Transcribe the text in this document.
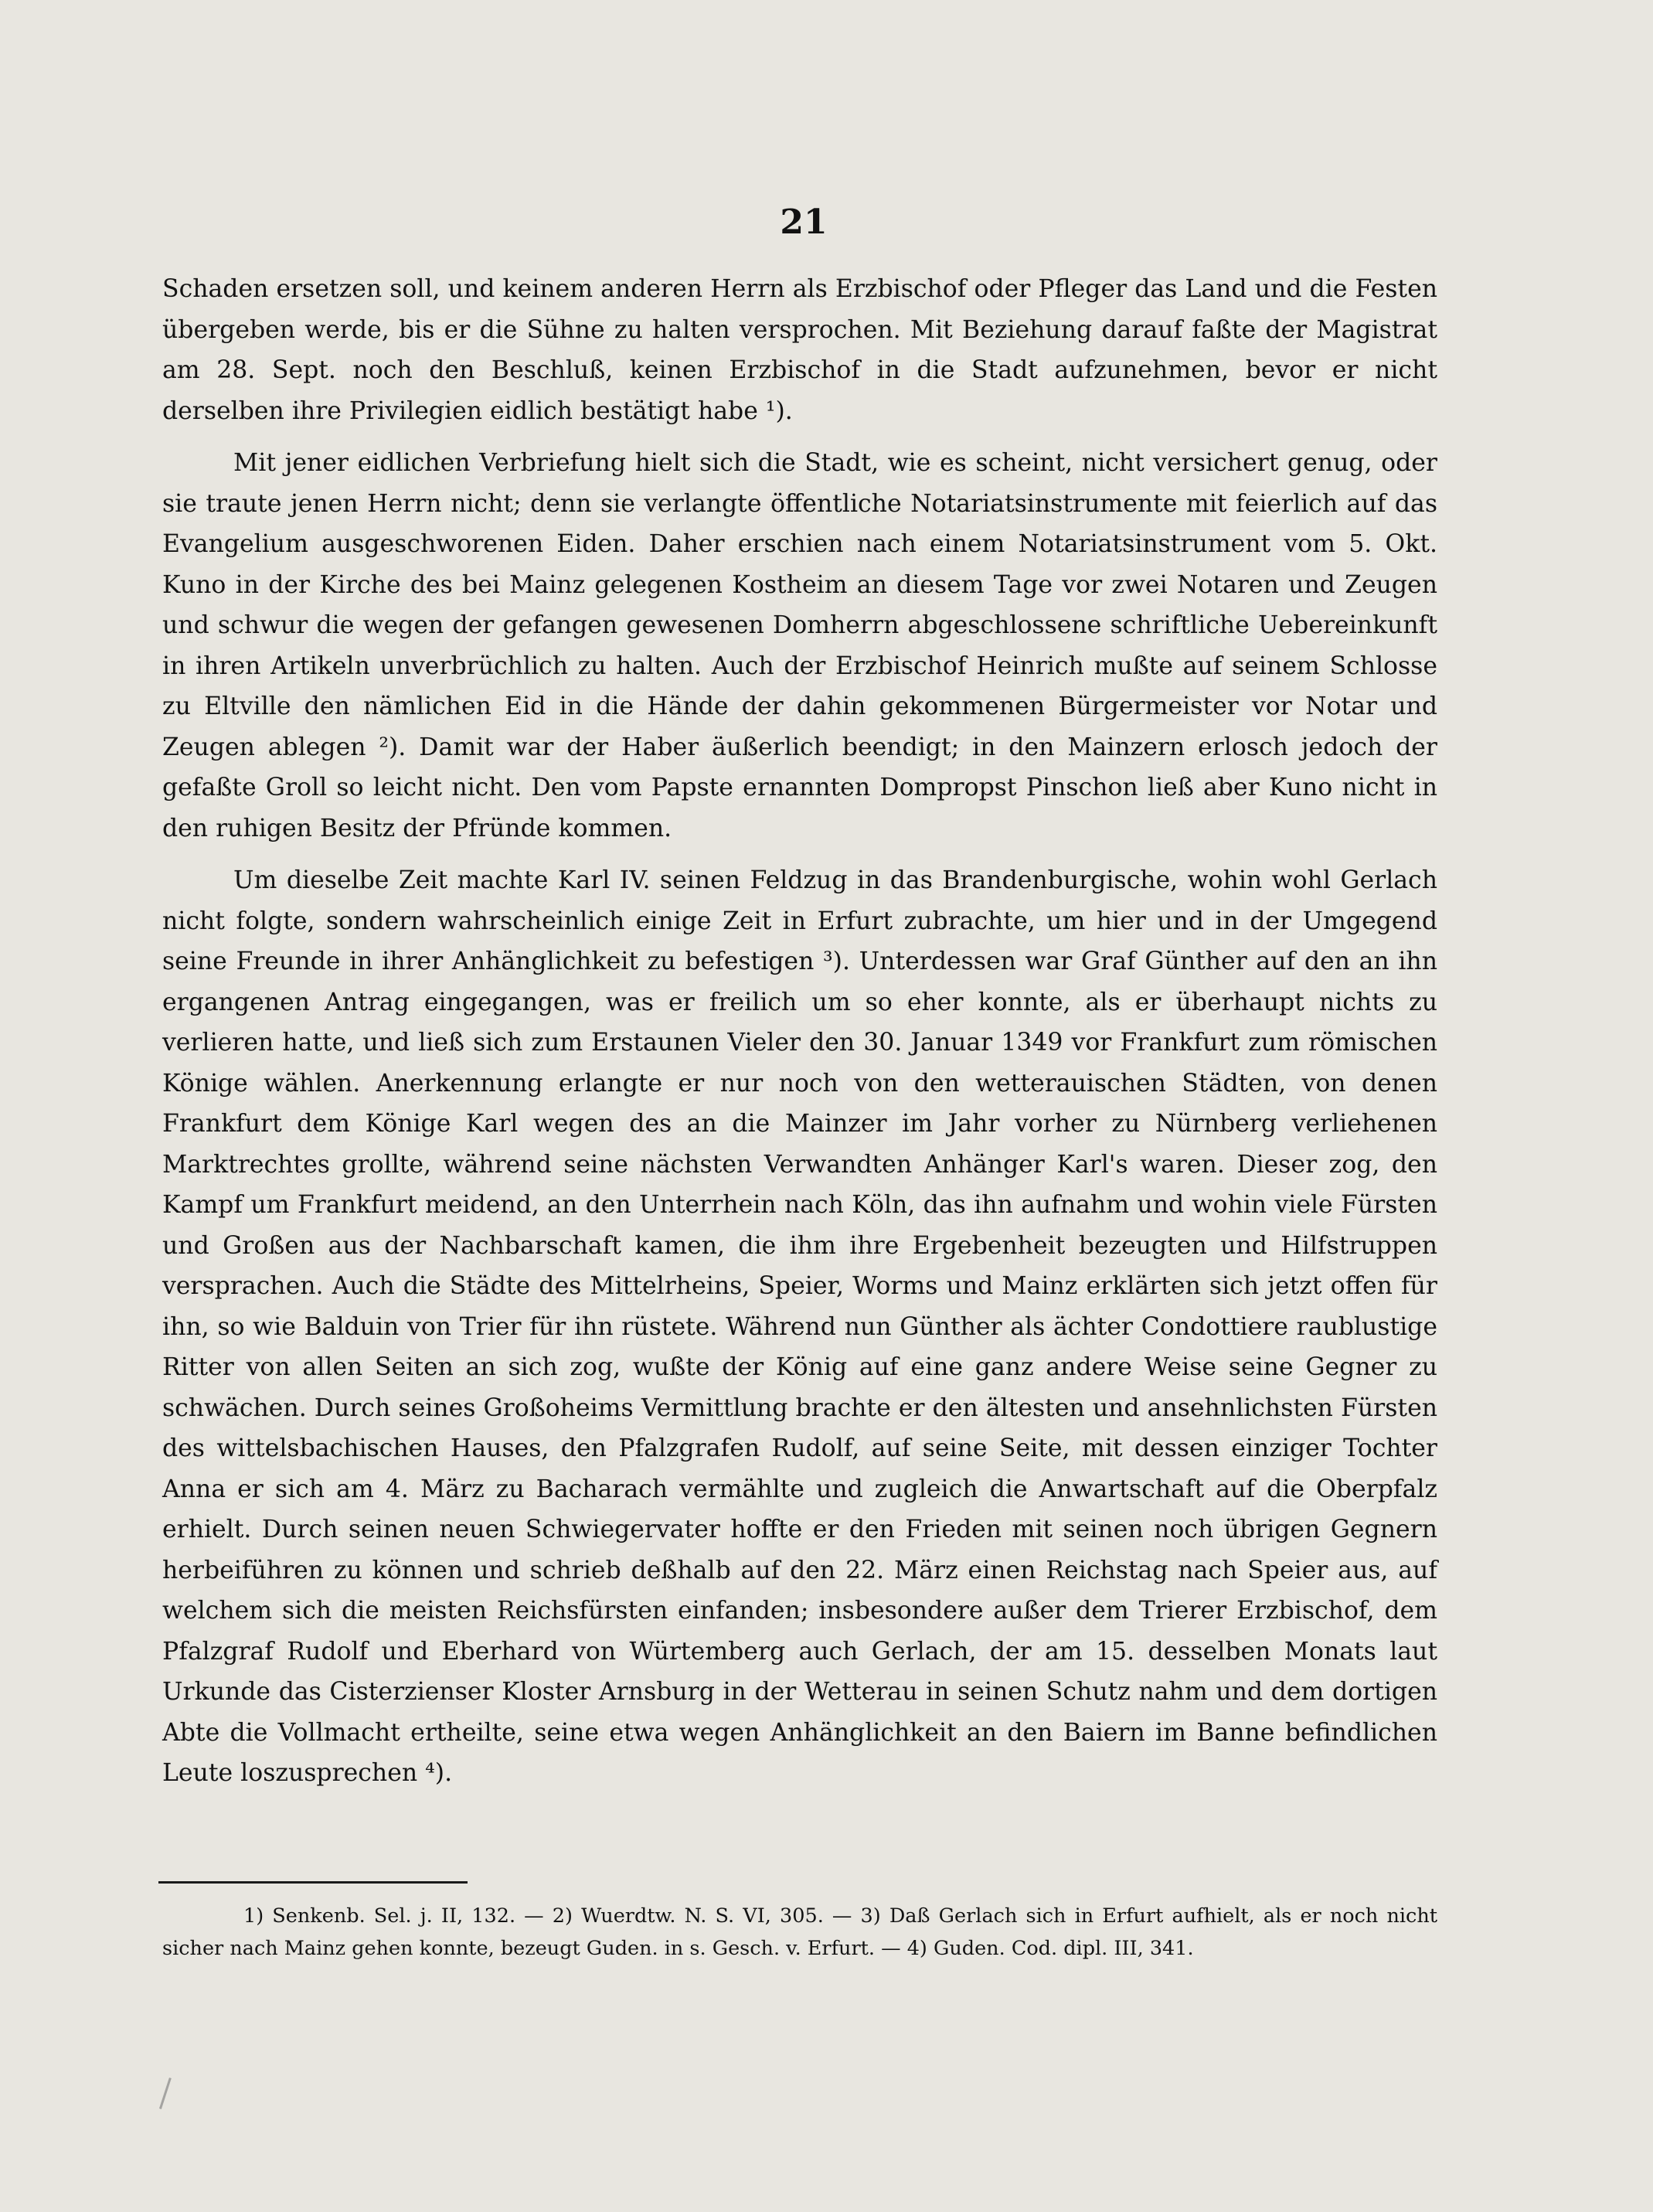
21

Schaden ersetzen soll, und keinem anderen Herrn als Erzbischof oder Pfleger das Land und die Festen übergeben werde, bis er die Sühne zu halten versprochen. Mit Beziehung darauf faßte der Magistrat am 28. Sept. noch den Beschluß, keinen Erzbischof in die Stadt aufzunehmen, bevor er nicht derselben ihre Privilegien eidlich bestätigt habe ¹).

Mit jener eidlichen Verbriefung hielt sich die Stadt, wie es scheint, nicht versichert genug, oder sie traute jenen Herrn nicht; denn sie verlangte öffentliche Notariatsinstrumente mit feierlich auf das Evangelium ausgeschworenen Eiden. Daher erschien nach einem Notariatsinstrument vom 5. Okt. Kuno in der Kirche des bei Mainz gelegenen Kostheim an diesem Tage vor zwei Notaren und Zeugen und schwur die wegen der gefangen gewesenen Domherrn abgeschlossene schriftliche Uebereinkunft in ihren Artikeln unverbrüchlich zu halten. Auch der Erzbischof Heinrich mußte auf seinem Schlosse zu Eltville den nämlichen Eid in die Hände der dahin gekommenen Bürgermeister vor Notar und Zeugen ablegen ²). Damit war der Haber äußerlich beendigt; in den Mainzern erlosch jedoch der gefaßte Groll so leicht nicht. Den vom Papste ernannten Dompropst Pinschon ließ aber Kuno nicht in den ruhigen Besitz der Pfründe kommen.

Um dieselbe Zeit machte Karl IV. seinen Feldzug in das Brandenburgische, wohin wohl Gerlach nicht folgte, sondern wahrscheinlich einige Zeit in Erfurt zubrachte, um hier und in der Umgegend seine Freunde in ihrer Anhänglichkeit zu befestigen ³). Unterdessen war Graf Günther auf den an ihn ergangenen Antrag eingegangen, was er freilich um so eher konnte, als er überhaupt nichts zu verlieren hatte, und ließ sich zum Erstaunen Vieler den 30. Januar 1349 vor Frankfurt zum römischen Könige wählen. Anerkennung erlangte er nur noch von den wetterauischen Städten, von denen Frankfurt dem Könige Karl wegen des an die Mainzer im Jahr vorher zu Nürnberg verliehenen Marktrechtes grollte, während seine nächsten Verwandten Anhänger Karl's waren. Dieser zog, den Kampf um Frankfurt meidend, an den Unterrhein nach Köln, das ihn aufnahm und wohin viele Fürsten und Großen aus der Nachbarschaft kamen, die ihm ihre Ergebenheit bezeugten und Hilfstruppen versprachen. Auch die Städte des Mittelrheins, Speier, Worms und Mainz erklärten sich jetzt offen für ihn, so wie Balduin von Trier für ihn rüstete. Während nun Günther als ächter Condottiere raublustige Ritter von allen Seiten an sich zog, wußte der König auf eine ganz andere Weise seine Gegner zu schwächen. Durch seines Großoheims Vermittlung brachte er den ältesten und ansehnlichsten Fürsten des wittelsbachischen Hauses, den Pfalzgrafen Rudolf, auf seine Seite, mit dessen einziger Tochter Anna er sich am 4. März zu Bacharach vermählte und zugleich die Anwartschaft auf die Oberpfalz erhielt. Durch seinen neuen Schwiegervater hoffte er den Frieden mit seinen noch übrigen Gegnern herbeiführen zu können und schrieb deßhalb auf den 22. März einen Reichstag nach Speier aus, auf welchem sich die meisten Reichsfürsten einfanden; insbesondere außer dem Trierer Erzbischof, dem Pfalzgraf Rudolf und Eberhard von Würtemberg auch Gerlach, der am 15. desselben Monats laut Urkunde das Cisterzienser Kloster Arnsburg in der Wetterau in seinen Schutz nahm und dem dortigen Abte die Vollmacht ertheilte, seine etwa wegen Anhänglichkeit an den Baiern im Banne befindlichen Leute loszusprechen ⁴).

1) Senkenb. Sel. j. II, 132. — 2) Wuerdtw. N. S. VI, 305. — 3) Daß Gerlach sich in Erfurt aufhielt, als er noch nicht sicher nach Mainz gehen konnte, bezeugt Guden. in s. Gesch. v. Erfurt. — 4) Guden. Cod. dipl. III, 341.
